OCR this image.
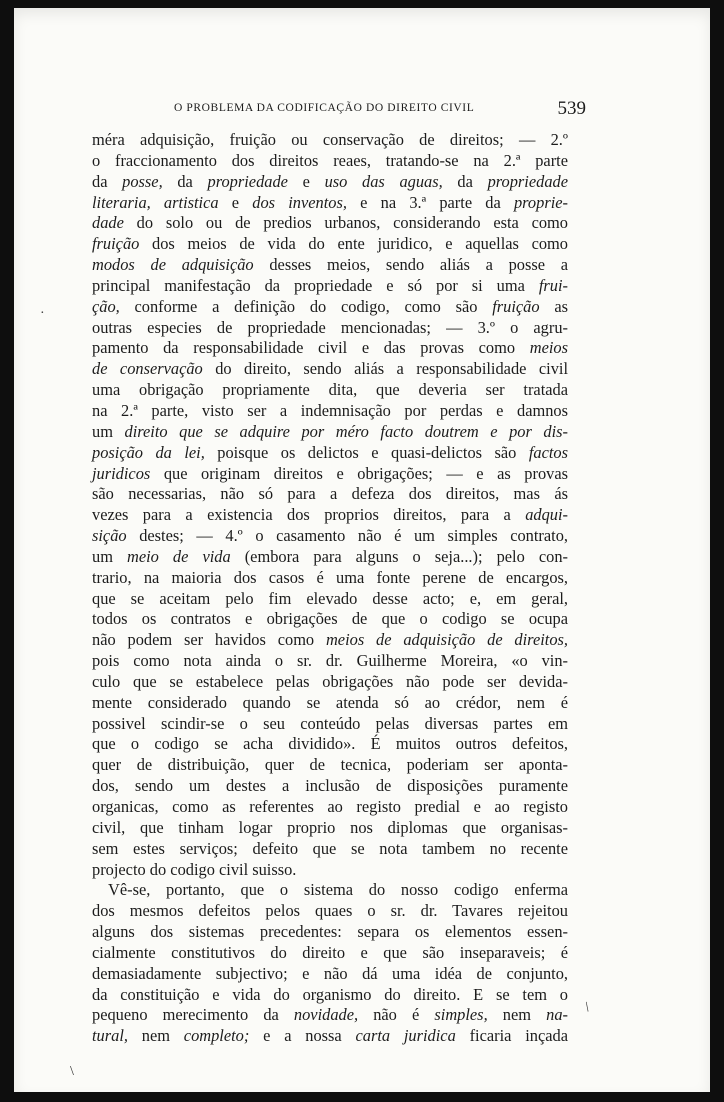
O PROBLEMA DA CODIFICAÇÃO DO DIREITO CIVIL	539
méra adquisição, fruição ou conservação de direitos; — 2.º
o fraccionamento dos direitos reaes, tratando-se na 2.ª parte
da posse, da propriedade e uso das aguas, da propriedade
literaria, artistica e dos inventos, e na 3.ª parte da proprie-
dade do solo ou de predios urbanos, considerando esta como
fruição dos meios de vida do ente juridico, e aquellas como
modos de adquisição desses meios, sendo aliás a posse a
principal manifestação da propriedade e só por si uma frui-
ção, conforme a definição do codigo, como são fruição as
outras especies de propriedade mencionadas; — 3.º o agru-
pamento da responsabilidade civil e das provas como meios
de conservação do direito, sendo aliás a responsabilidade civil
uma obrigação propriamente dita, que deveria ser tratada
na 2.ª parte, visto ser a indemnisação por perdas e damnos
um direito que se adquire por méro facto doutrem e por dis-
posição da lei, poisque os delictos e quasi-delictos são factos
juridicos que originam direitos e obrigações; — e as provas
são necessarias, não só para a defeza dos direitos, mas ás
vezes para a existencia dos proprios direitos, para a adqui-
sição destes; — 4.º o casamento não é um simples contrato,
um meio de vida (embora para alguns o seja...); pelo con-
trario, na maioria dos casos é uma fonte perene de encargos,
que se aceitam pelo fim elevado desse acto; e, em geral,
todos os contratos e obrigações de que o codigo se ocupa
não podem ser havidos como meios de adquisição de direitos,
pois como nota ainda o sr. dr. Guilherme Moreira, «o vin-
culo que se estabelece pelas obrigações não pode ser devida-
mente considerado quando se atenda só ao crédor, nem é
possivel scindir-se o seu conteúdo pelas diversas partes em
que o codigo se acha dividido». É muitos outros defeitos,
quer de distribuição, quer de tecnica, poderiam ser aponta-
dos, sendo um destes a inclusão de disposições puramente
organicas, como as referentes ao registo predial e ao registo
civil, que tinham logar proprio nos diplomas que organisas-
sem estes serviços; defeito que se nota tambem no recente
projecto do codigo civil suisso.
Vê-se, portanto, que o sistema do nosso codigo enferma
dos mesmos defeitos pelos quaes o sr. dr. Tavares rejeitou
alguns dos sistemas precedentes: separa os elementos essen-
cialmente constitutivos do direito e que são inseparaveis; é
demasiadamente subjectivo; e não dá uma idéa de conjunto,
da constituição e vida do organismo do direito. E se tem o
pequeno merecimento da novidade, não é simples, nem na-
tural, nem completo; e a nossa carta juridica ficaria inçada
·
/
\
